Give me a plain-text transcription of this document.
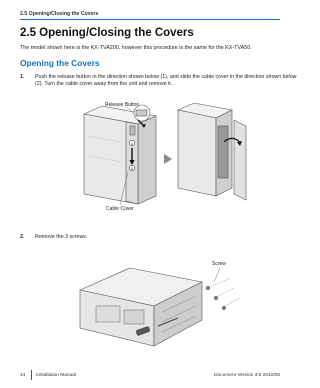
2.5 Opening/Closing the Covers
2.5 Opening/Closing the Covers
The model shown here is the KX-TVA200, however this procedure is the same for the KX-TVA50.
Opening the Covers
1. Push the release button in the direction shown below (1), and slide the cable cover in the direction shown below (2). Turn the cable cover away from the unit and remove it.
1
2
Release Button
Cable Cover
2. Remove the 3 screws.
Screw
44 Installation Manual	Document Version 3.0 2010/06
